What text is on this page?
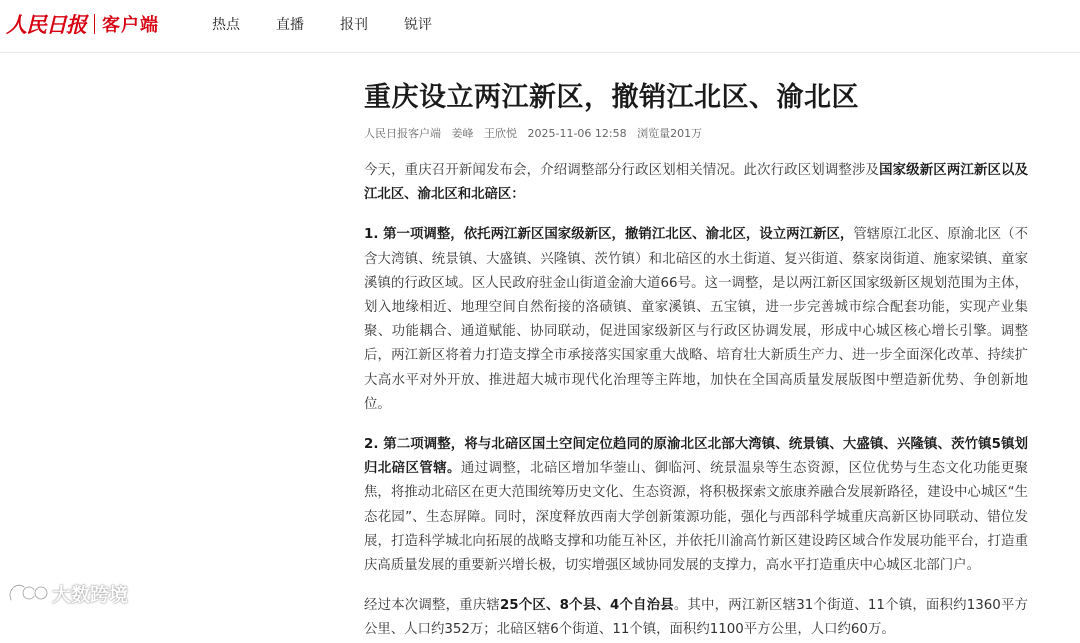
人民日报 客户端	热点	直播	报刊	锐评
重庆设立两江新区，撤销江北区、渝北区
人民日报客户端 姜峰 王欣悦 2025-11-06 12:58 浏览量201万

今天，重庆召开新闻发布会，介绍调整部分行政区划相关情况。此次行政区划调整涉及国家级新区两江新区以及江北区、渝北区和北碚区：

1. 第一项调整，依托两江新区国家级新区，撤销江北区、渝北区，设立两江新区，管辖原江北区、原渝北区（不含大湾镇、统景镇、大盛镇、兴隆镇、茨竹镇）和北碚区的水土街道、复兴街道、蔡家岗街道、施家梁镇、童家溪镇的行政区域。区人民政府驻金山街道金渝大道66号。这一调整，是以两江新区国家级新区规划范围为主体，划入地缘相近、地理空间自然衔接的洛碛镇、童家溪镇、五宝镇，进一步完善城市综合配套功能，实现产业集聚、功能耦合、通道赋能、协同联动，促进国家级新区与行政区协调发展，形成中心城区核心增长引擎。调整后，两江新区将着力打造支撑全市承接落实国家重大战略、培育壮大新质生产力、进一步全面深化改革、持续扩大高水平对外开放、推进超大城市现代化治理等主阵地，加快在全国高质量发展版图中塑造新优势、争创新地位。

2. 第二项调整，将与北碚区国土空间定位趋同的原渝北区北部大湾镇、统景镇、大盛镇、兴隆镇、茨竹镇5镇划归北碚区管辖。通过调整，北碚区增加华蓥山、御临河、统景温泉等生态资源，区位优势与生态文化功能更聚焦，将推动北碚区在更大范围统筹历史文化、生态资源，将积极探索文旅康养融合发展新路径，建设中心城区“生态花园”、生态屏障。同时，深度释放西南大学创新策源功能，强化与西部科学城重庆高新区协同联动、错位发展，打造科学城北向拓展的战略支撑和功能互补区，并依托川渝高竹新区建设跨区域合作发展功能平台，打造重庆高质量发展的重要新兴增长极，切实增强区域协同发展的支撑力，高水平打造重庆中心城区北部门户。

经过本次调整，重庆辖25个区、8个县、4个自治县。其中，两江新区辖31个街道、11个镇，面积约1360平方公里、人口约352万；北碚区辖6个街道、11个镇，面积约1100平方公里，人口约60万。

大数跨境
